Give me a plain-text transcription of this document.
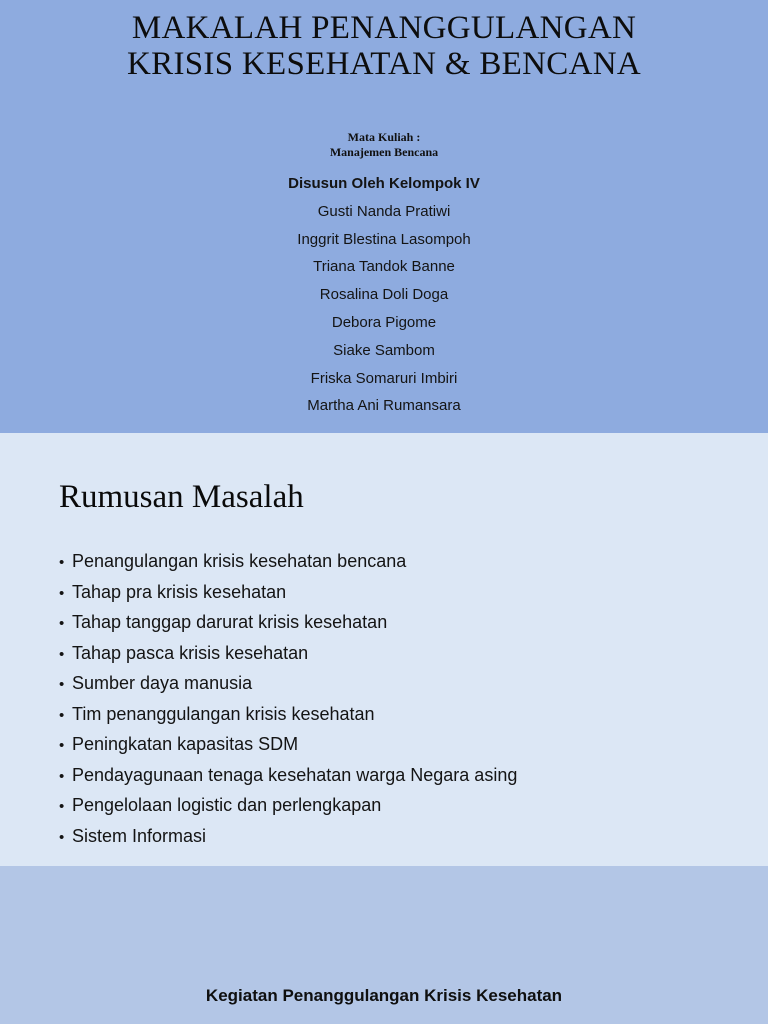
MAKALAH PENANGGULANGAN
KRISIS KESEHATAN & BENCANA
Mata Kuliah :
Manajemen Bencana
Disusun Oleh Kelompok IV
Gusti Nanda Pratiwi
Inggrit Blestina Lasompoh
Triana Tandok Banne
Rosalina Doli Doga
Debora Pigome
Siake Sambom
Friska Somaruri Imbiri
Martha Ani Rumansara
Rumusan Masalah
• Penangulangan krisis kesehatan bencana
• Tahap pra krisis kesehatan
• Tahap tanggap darurat krisis kesehatan
• Tahap pasca krisis kesehatan
• Sumber daya manusia
• Tim penanggulangan krisis kesehatan
• Peningkatan kapasitas SDM
• Pendayagunaan tenaga kesehatan warga Negara asing
• Pengelolaan logistic dan perlengkapan
• Sistem Informasi
Kegiatan Penanggulangan Krisis Kesehatan
